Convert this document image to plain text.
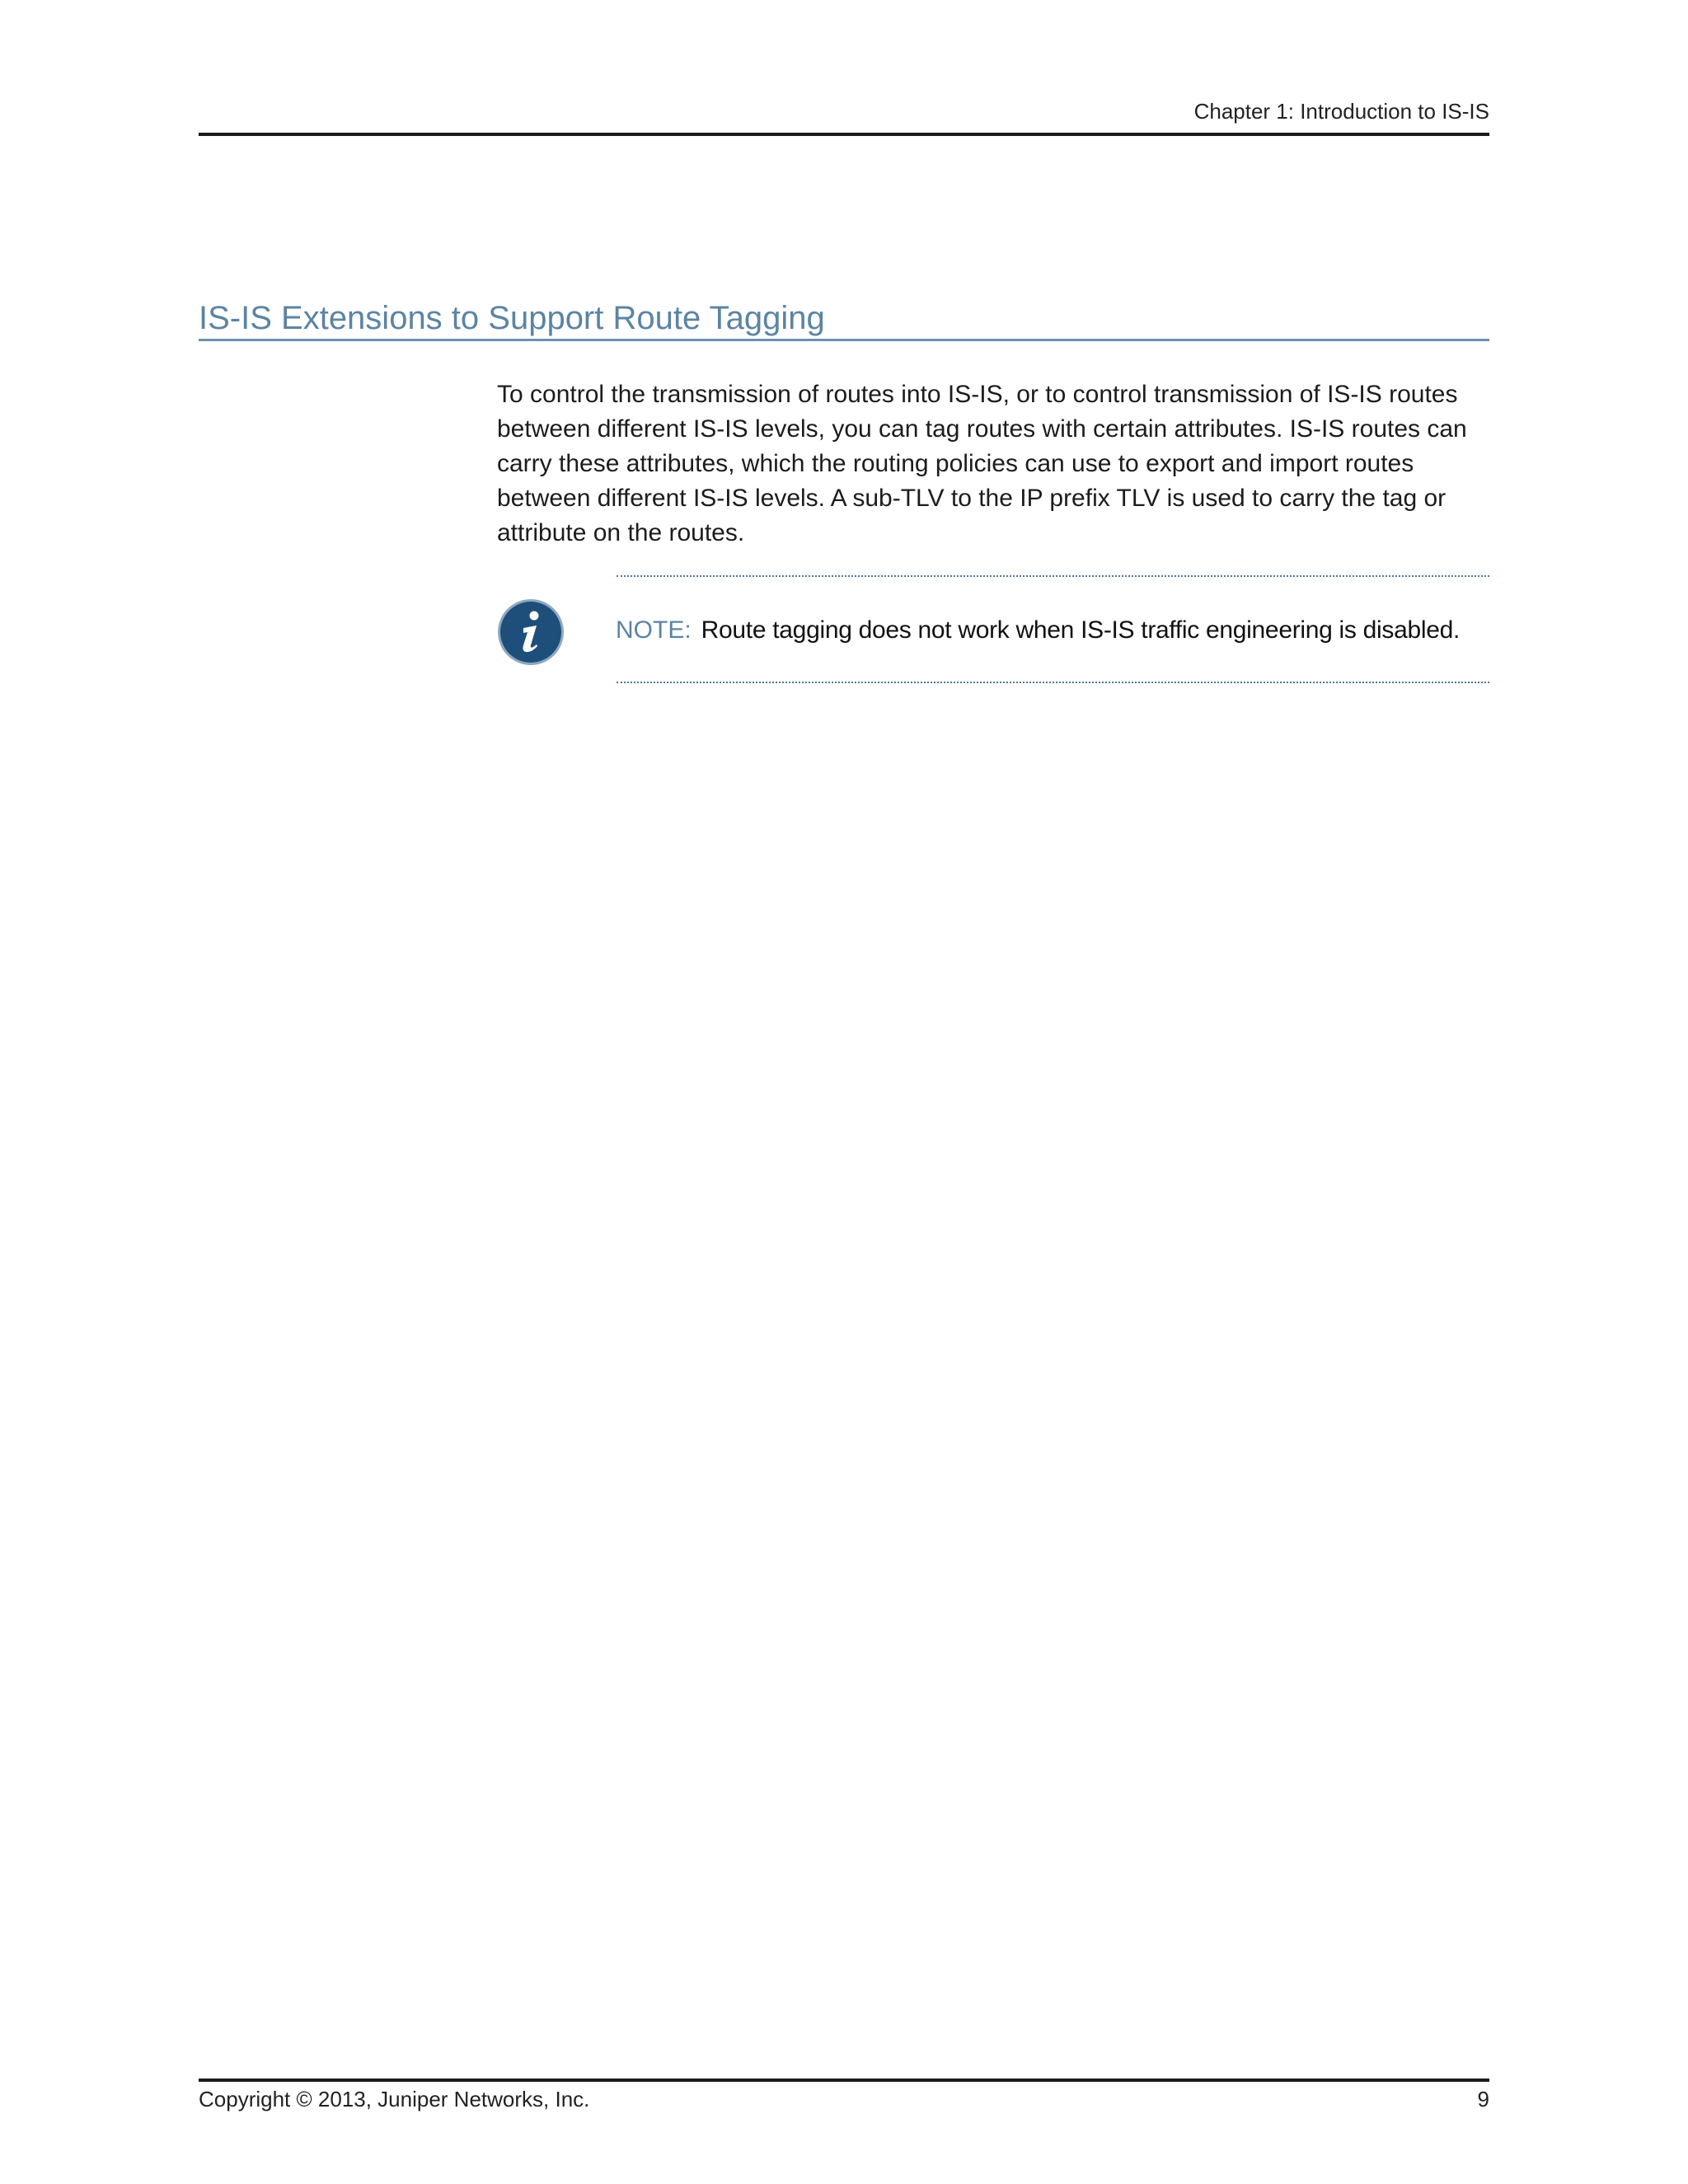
Chapter 1: Introduction to IS-IS
IS-IS Extensions to Support Route Tagging

To control the transmission of routes into IS-IS, or to control transmission of IS-IS routes between different IS-IS levels, you can tag routes with certain attributes. IS-IS routes can carry these attributes, which the routing policies can use to export and import routes between different IS-IS levels. A sub-TLV to the IP prefix TLV is used to carry the tag or attribute on the routes.

NOTE: Route tagging does not work when IS-IS traffic engineering is disabled.
Copyright © 2013, Juniper Networks, Inc.	9
